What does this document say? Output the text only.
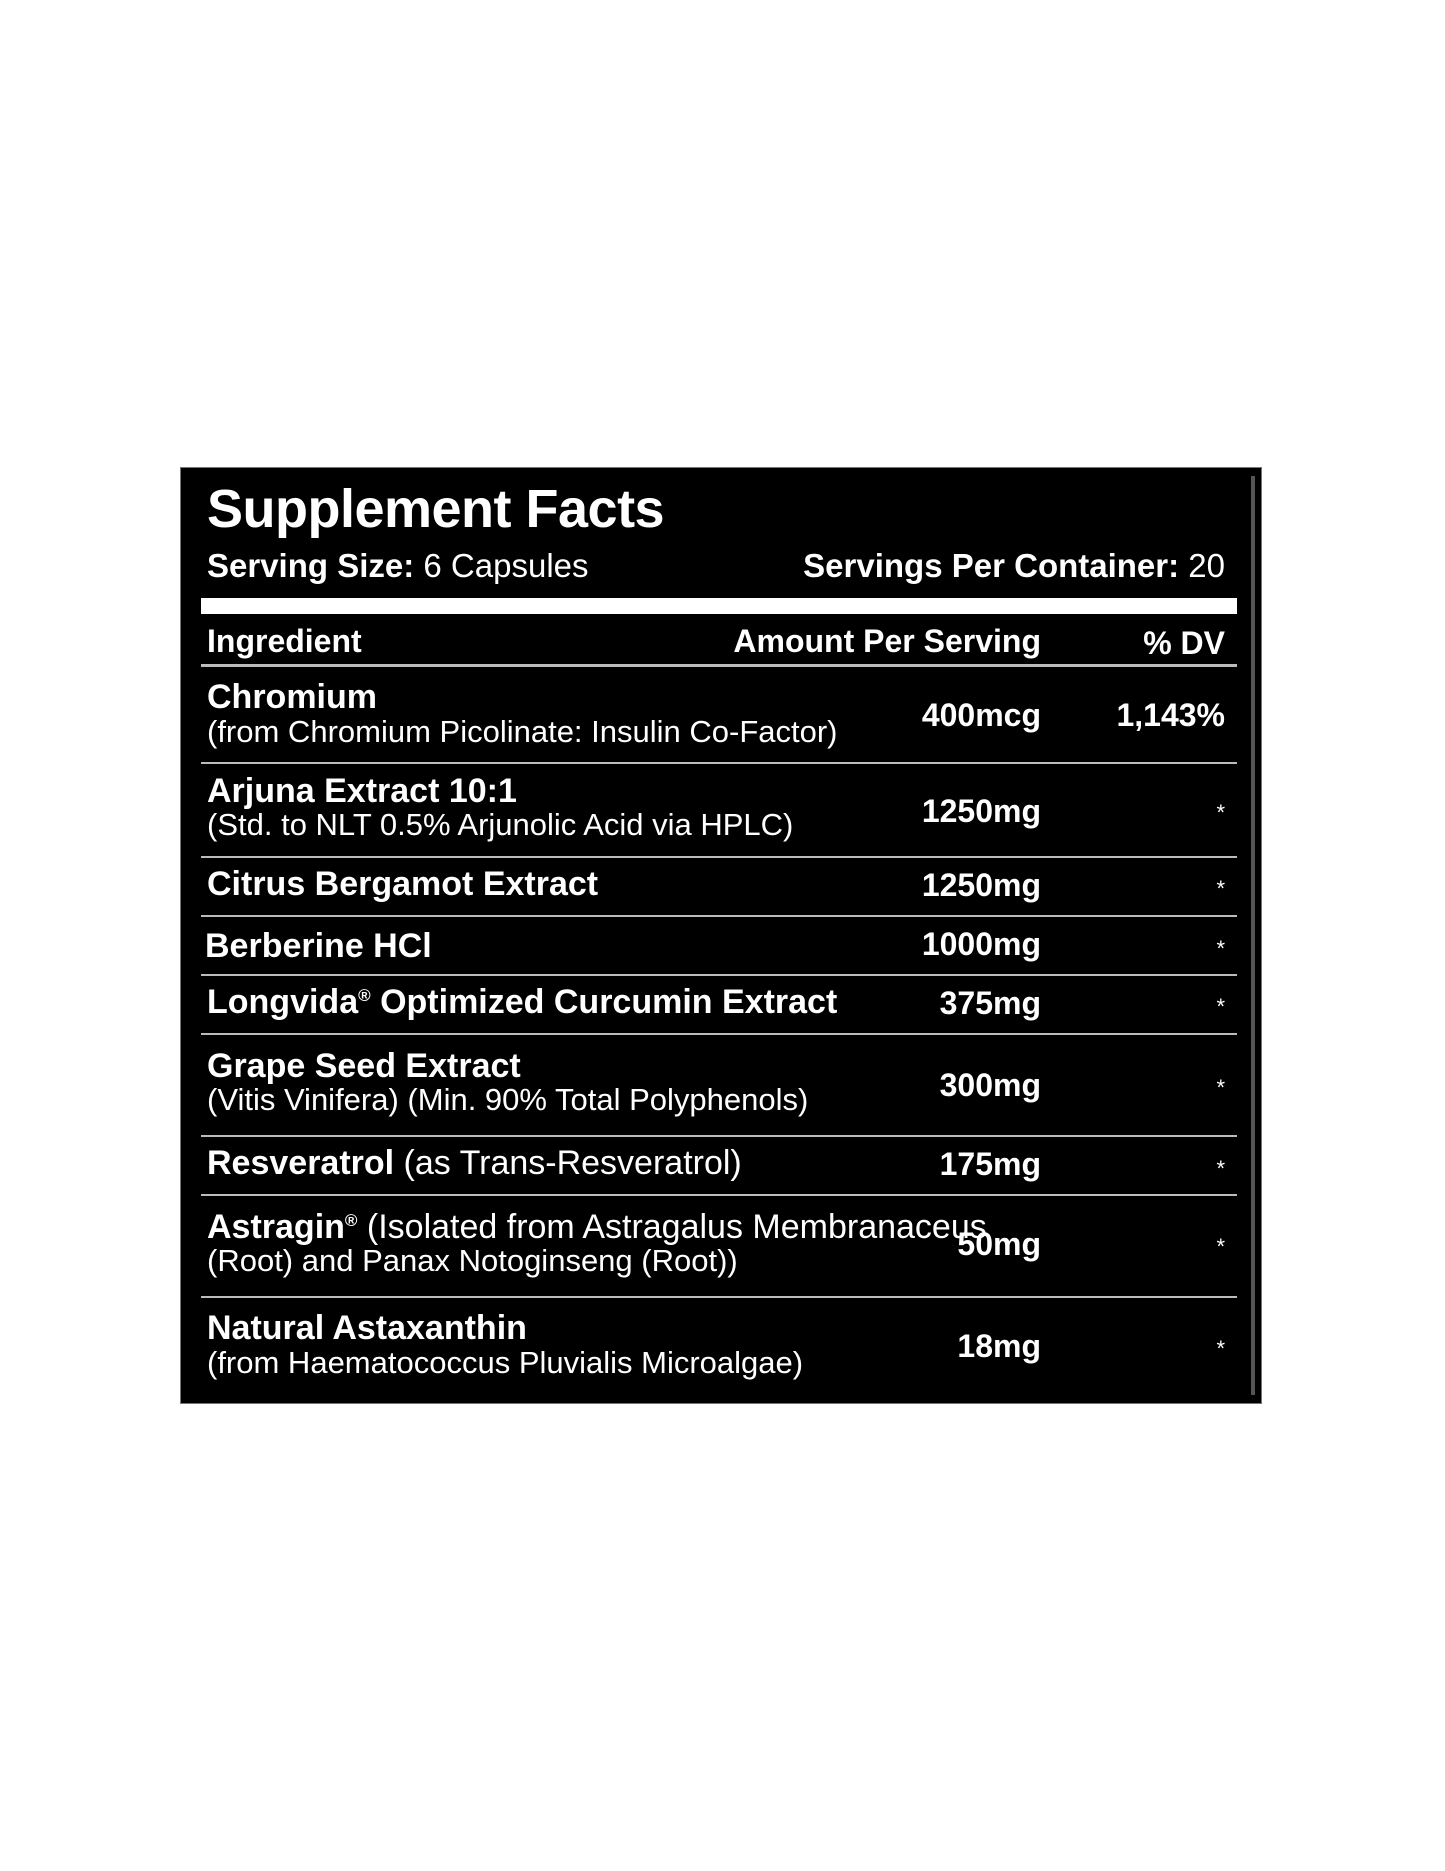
Supplement Facts
Serving Size: 6 Capsules	Servings Per Container: 20
Ingredient	Amount Per Serving	% DV
Chromium
(from Chromium Picolinate: Insulin Co-Factor)	400mcg 1,143%
Arjuna Extract 10:1
(Std. to NLT 0.5% Arjunolic Acid via HPLC)	1250mg	*
Citrus Bergamot Extract	1250mg	*
Berberine HCl	1000mg	*
Longvida® Optimized Curcumin Extract	375mg	*
Grape Seed Extract
(Vitis Vinifera) (Min. 90% Total Polyphenols)	300mg	*
Resveratrol (as Trans-Resveratrol)	175mg	*
Astragin® (Isolated from Astragalus Membranaceus
(Root) and Panax Notoginseng (Root))	50mg	*
Natural Astaxanthin
(from Haematococcus Pluvialis Microalgae)	18mg	*
